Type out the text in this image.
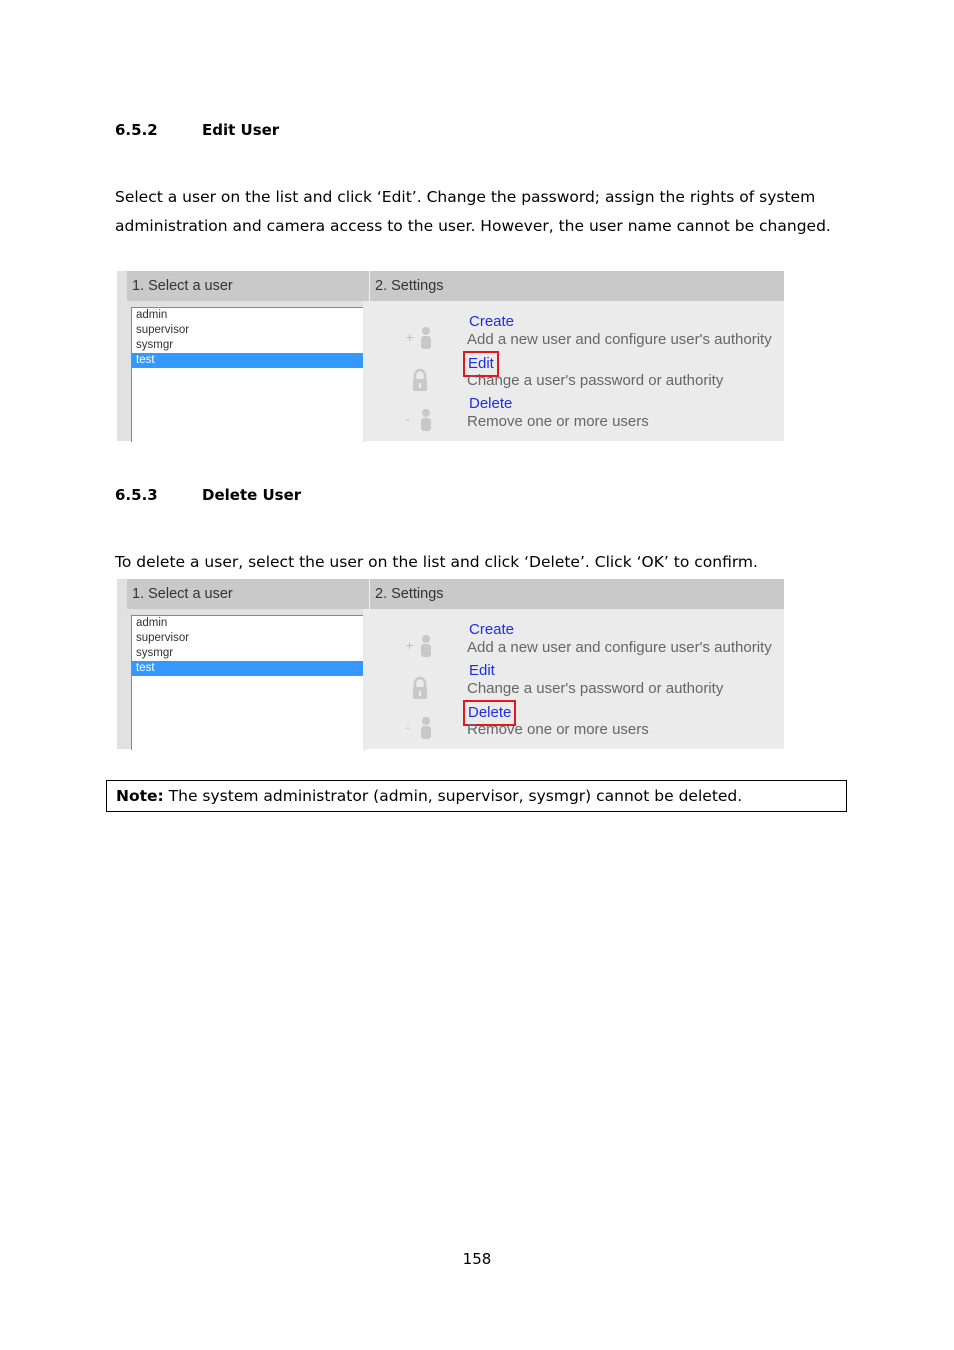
6.5.2	Edit User
Select a user on the list and click ‘Edit’. Change the password; assign the rights of system administration and camera access to the user. However, the user name cannot be changed.
1. Select a user	2. Settings
admin
supervisor
sysmgr
test
+
Create
Add a new user and configure user's authority
Edit
Change a user's password or authority
–
Delete
Remove one or more users
6.5.3	Delete User
To delete a user, select the user on the list and click ‘Delete’. Click ‘OK’ to confirm.
1. Select a user	2. Settings
admin
supervisor
sysmgr
test
+
Create
Add a new user and configure user's authority
Edit
Change a user's password or authority
–
Delete
Remove one or more users
Note: The system administrator (admin, supervisor, sysmgr) cannot be deleted.
158
